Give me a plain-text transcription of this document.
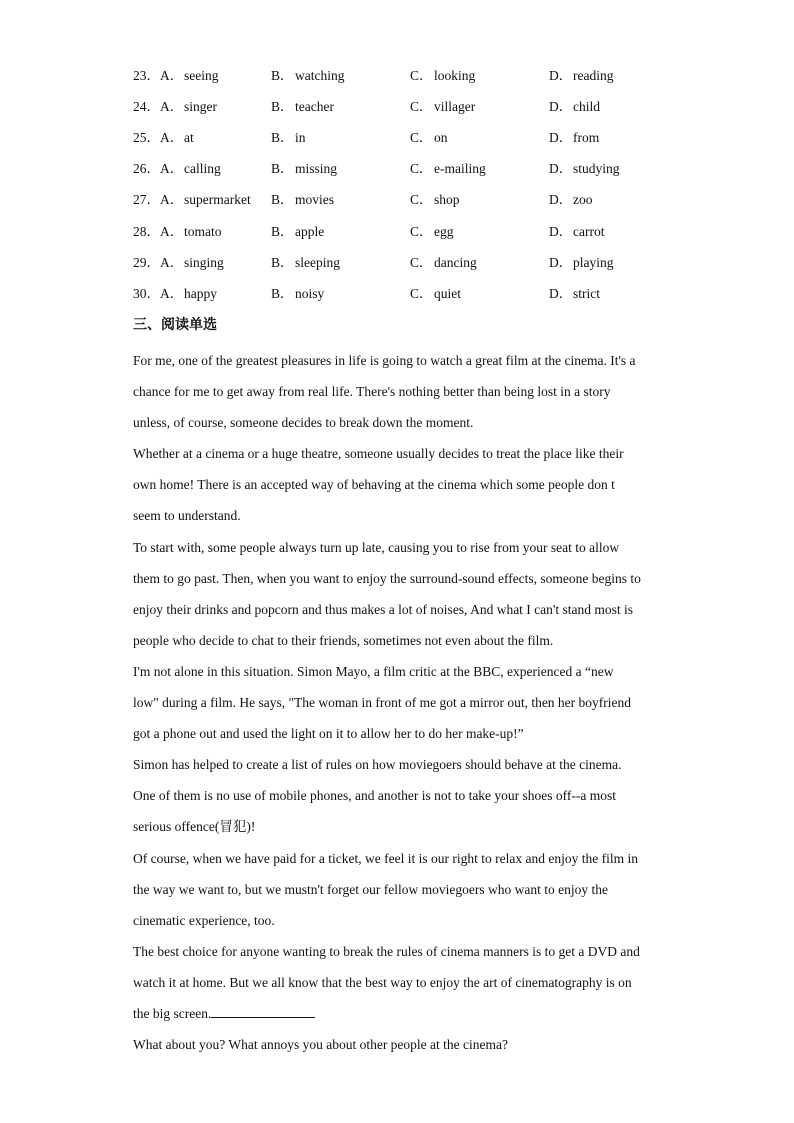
23． A．seeing	B．watching	C．looking	D．reading
24． A．singer	B．teacher	C．villager	D．child
25． A．at	B．in	C．on	D．from
26． A．calling	B．missing	C．e-mailing	D．studying
27． A．supermarket B．movies	C．shop	D．zoo
28． A．tomato	B．apple	C．egg	D．carrot
29． A．singing	B．sleeping	C．dancing	D．playing
30． A．happy	B．noisy	C．quiet	D．strict
三、阅读单选
For me, one of the greatest pleasures in life is going to watch a great film at the cinema. It's a
chance for me to get away from real life. There's nothing better than being lost in a story
unless, of course, someone decides to break down the moment.
Whether at a cinema or a huge theatre, someone usually decides to treat the place like their
own home! There is an accepted way of behaving at the cinema which some people don t
seem to understand.
To start with, some people always turn up late, causing you to rise from your seat to allow
them to go past. Then, when you want to enjoy the surround-sound effects, someone begins to
enjoy their drinks and popcorn and thus makes a lot of noises, And what I can't stand most is
people who decide to chat to their friends, sometimes not even about the film.
I'm not alone in this situation. Simon Mayo, a film critic at the BBC, experienced a “new
low" during a film. He says, "The woman in front of me got a mirror out, then her boyfriend
got a phone out and used the light on it to allow her to do her make-up!”
Simon has helped to create a list of rules on how moviegoers should behave at the cinema.
One of them is no use of mobile phones, and another is not to take your shoes off--a most
serious offence(冒犯)!
Of course, when we have paid for a ticket, we feel it is our right to relax and enjoy the film in
the way we want to, but we mustn't forget our fellow moviegoers who want to enjoy the
cinematic experience, too.
The best choice for anyone wanting to break the rules of cinema manners is to get a DVD and
watch it at home. But we all know that the best way to enjoy the art of cinematography is on
the big screen.
What about you? What annoys you about other people at the cinema?
